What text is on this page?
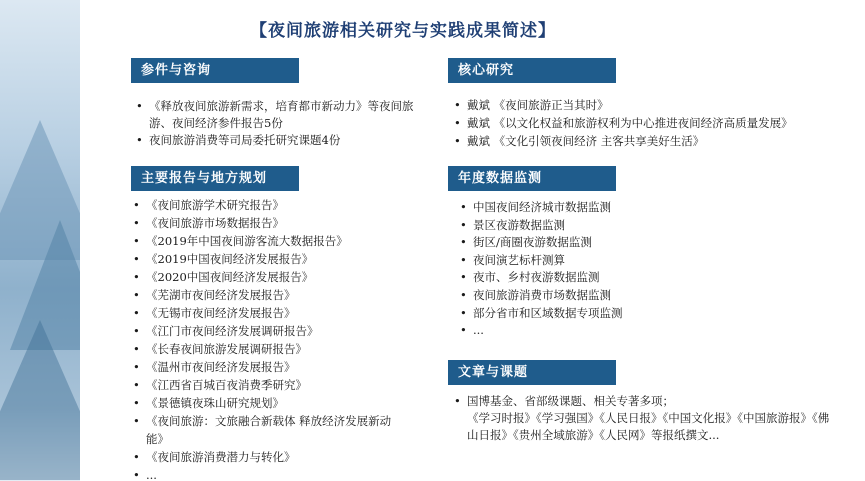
【夜间旅游相关研究与实践成果简述】
参件与咨询
• 《释放夜间旅游新需求，培育都市新动力》等夜间旅游、夜间经济参件报告5份
• 夜间旅游消费等司局委托研究课题4份
核心研究
• 戴斌 《夜间旅游正当其时》
• 戴斌 《以文化权益和旅游权利为中心推进夜间经济高质量发展》
• 戴斌 《文化引领夜间经济 主客共享美好生活》
主要报告与地方规划
• 《夜间旅游学术研究报告》
• 《夜间旅游市场数据报告》
• 《2019年中国夜间游客流大数据报告》
• 《2019中国夜间经济发展报告》
• 《2020中国夜间经济发展报告》
• 《芜湖市夜间经济发展报告》
• 《无锡市夜间经济发展报告》
• 《江门市夜间经济发展调研报告》
• 《长春夜间旅游发展调研报告》
• 《温州市夜间经济发展报告》
• 《江西省百城百夜消费季研究》
• 《景德镇夜珠山研究规划》
• 《夜间旅游：文旅融合新载体 释放经济发展新动能》
• 《夜间旅游消费潜力与转化》
• ...
年度数据监测
• 中国夜间经济城市数据监测
• 景区夜游数据监测
• 街区/商圈夜游数据监测
• 夜间演艺标杆测算
• 夜市、乡村夜游数据监测
• 夜间旅游消费市场数据监测
• 部分省市和区域数据专项监测
• ...
文章与课题
• 国博基金、省部级课题、相关专著多项；
《学习时报》《学习强国》《人民日报》《中国文化报》《中国旅游报》《佛山日报》《贵州全域旅游》《人民网》等报纸撰文...
